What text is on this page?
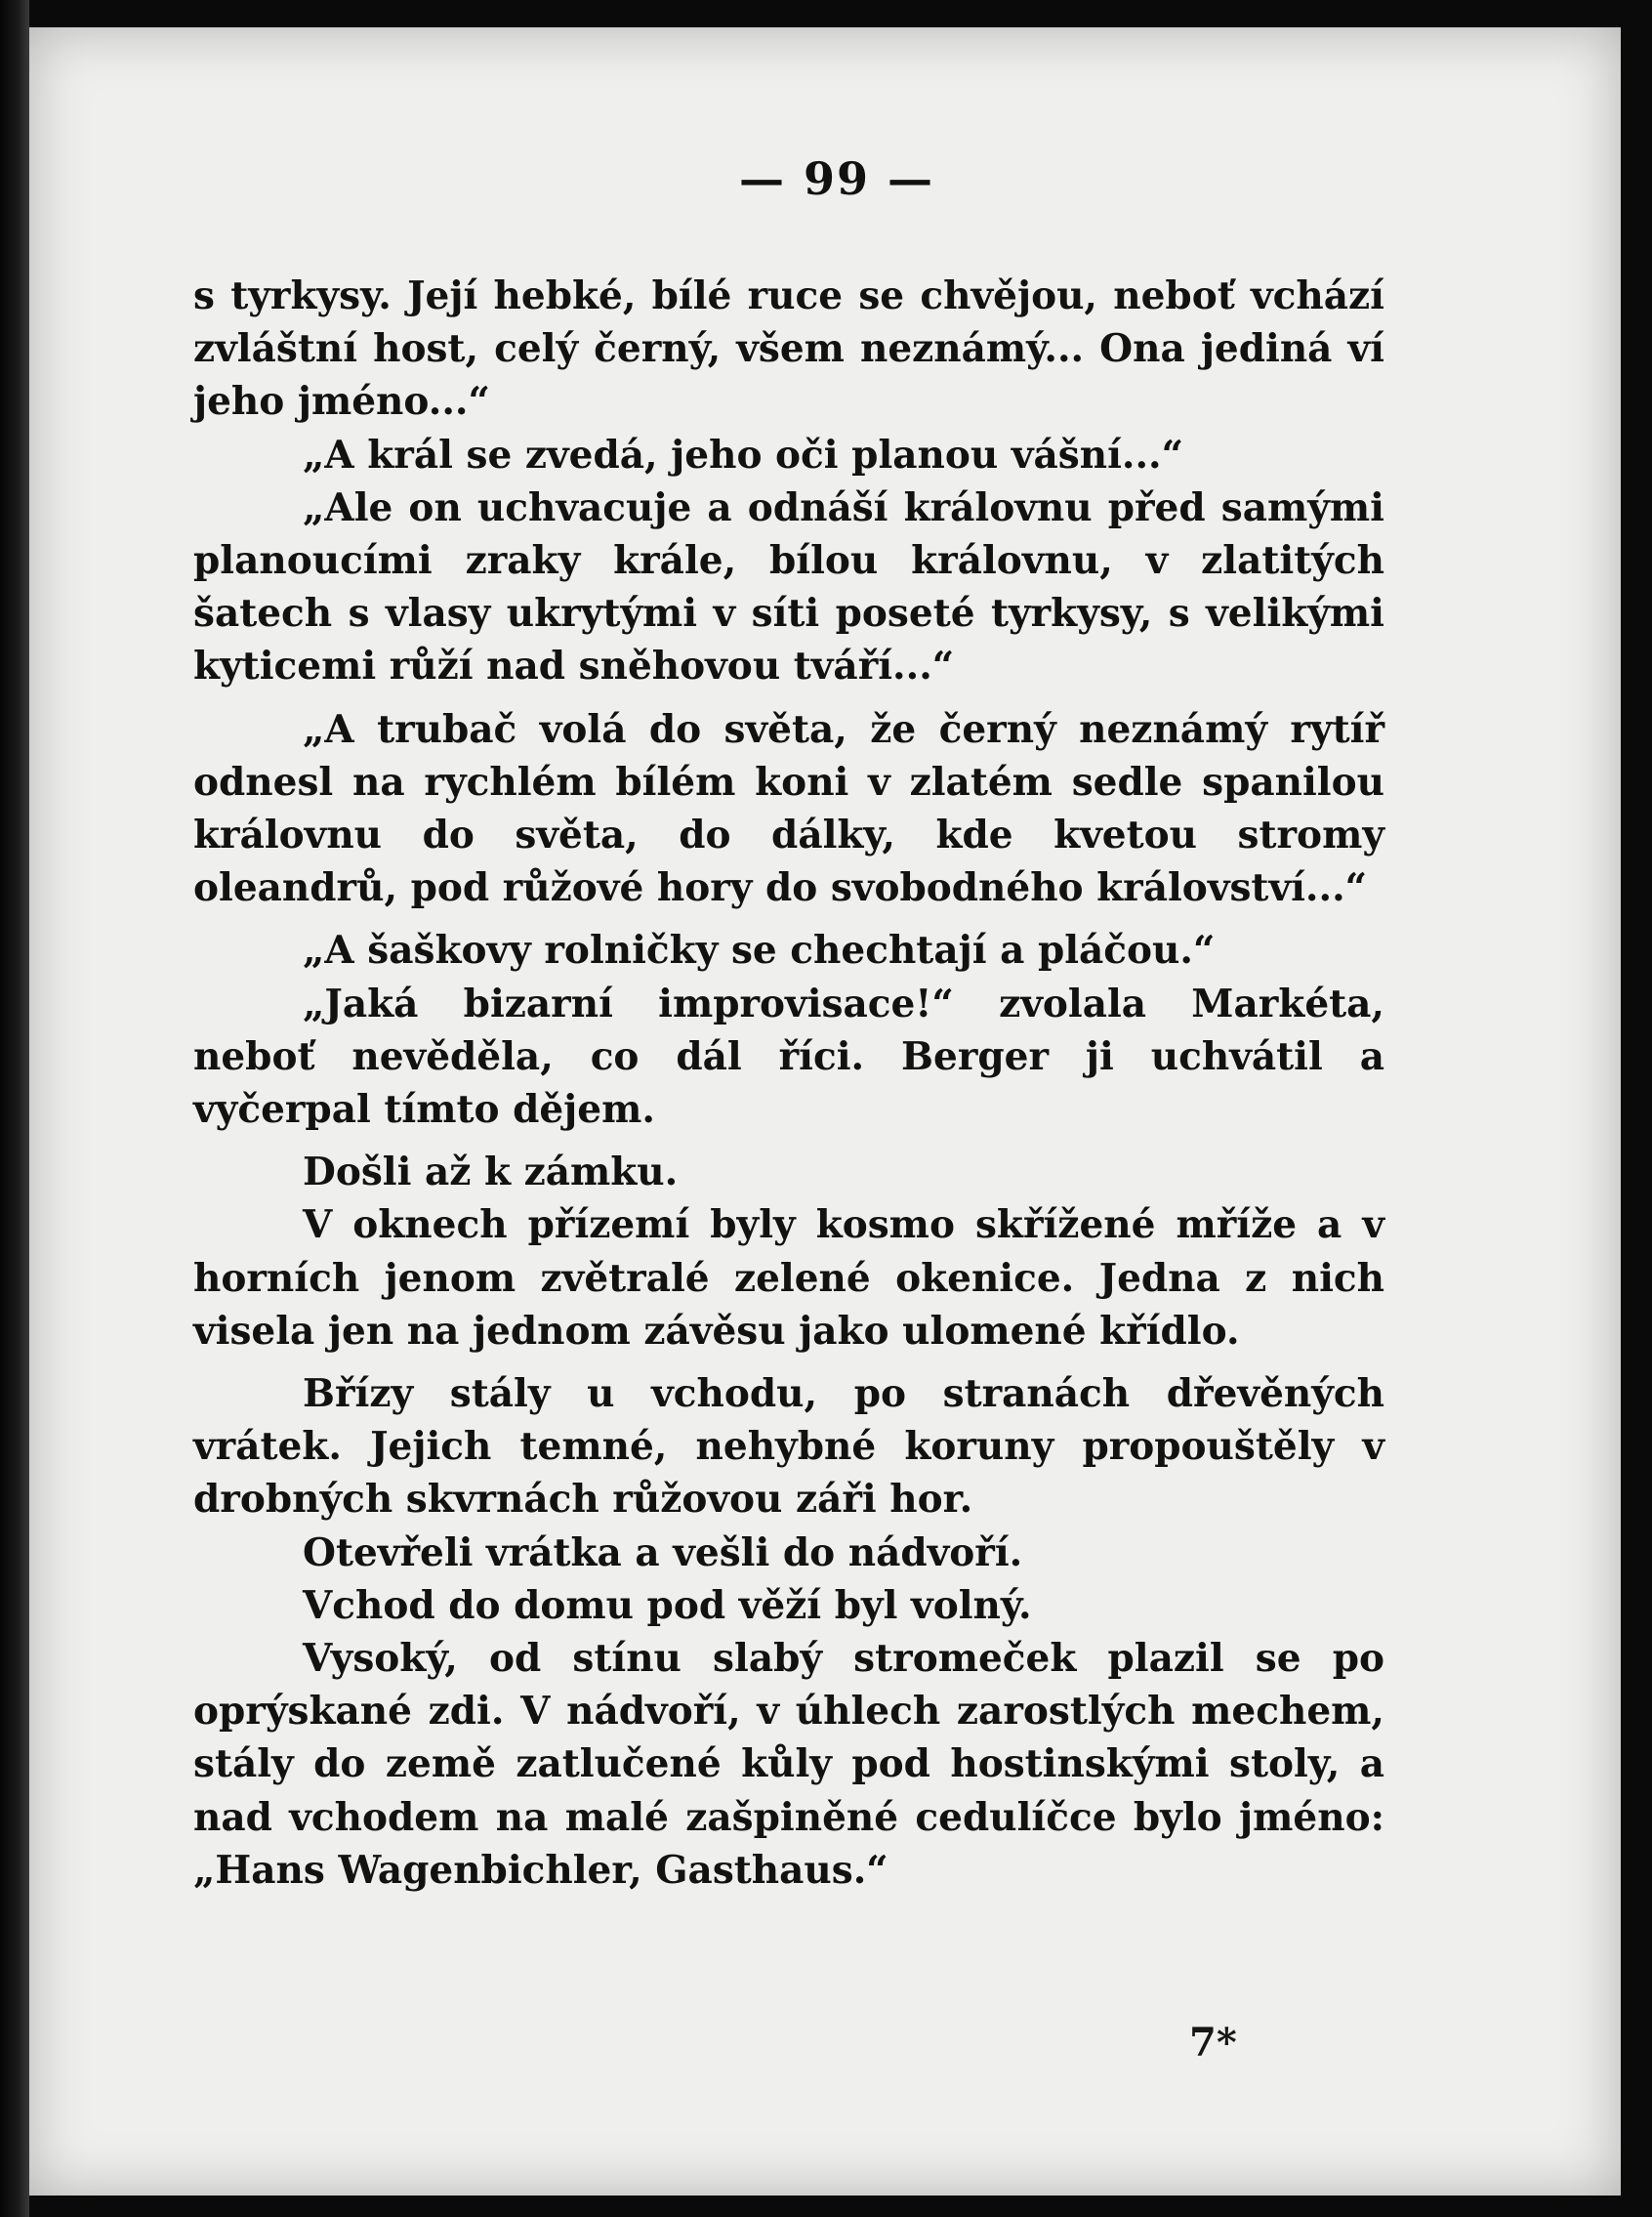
— 99 —

s tyrkysy. Její hebké, bílé ruce se chvějou, neboť vchází zvláštní host, celý černý, všem neznámý... Ona jediná ví jeho jméno...“

„A král se zvedá, jeho oči planou vášní...“

„Ale on uchvacuje a odnáší královnu před samými planoucími zraky krále, bílou královnu, v zlatitých šatech s vlasy ukrytými v síti poseté tyrkysy, s velikými kyticemi růží nad sněhovou tváří...“

„A trubač volá do světa, že černý neznámý rytíř odnesl na rychlém bílém koni v zlatém sedle spanilou královnu do světa, do dálky, kde kvetou stromy oleandrů, pod růžové hory do svobodného království...“

„A šaškovy rolničky se chechtají a pláčou.“

„Jaká bizarní improvisace!“ zvolala Markéta, neboť nevěděla, co dál říci. Berger ji uchvátil a vyčerpal tímto dějem.

Došli až k zámku.

V oknech přízemí byly kosmo skřížené mříže a v horních jenom zvětralé zelené okenice. Jedna z nich visela jen na jednom závěsu jako ulomené křídlo.

Břízy stály u vchodu, po stranách dřevěných vrátek. Jejich temné, nehybné koruny propouštěly v drobných skvrnách růžovou záři hor.

Otevřeli vrátka a vešli do nádvoří.

Vchod do domu pod věží byl volný.

Vysoký, od stínu slabý stromeček plazil se po oprýskané zdi. V nádvoří, v úhlech zarostlých mechem, stály do země zatlučené kůly pod hostinskými stoly, a nad vchodem na malé zašpiněné cedulíčce bylo jméno: „Hans Wagenbichler, Gasthaus.“

7*
